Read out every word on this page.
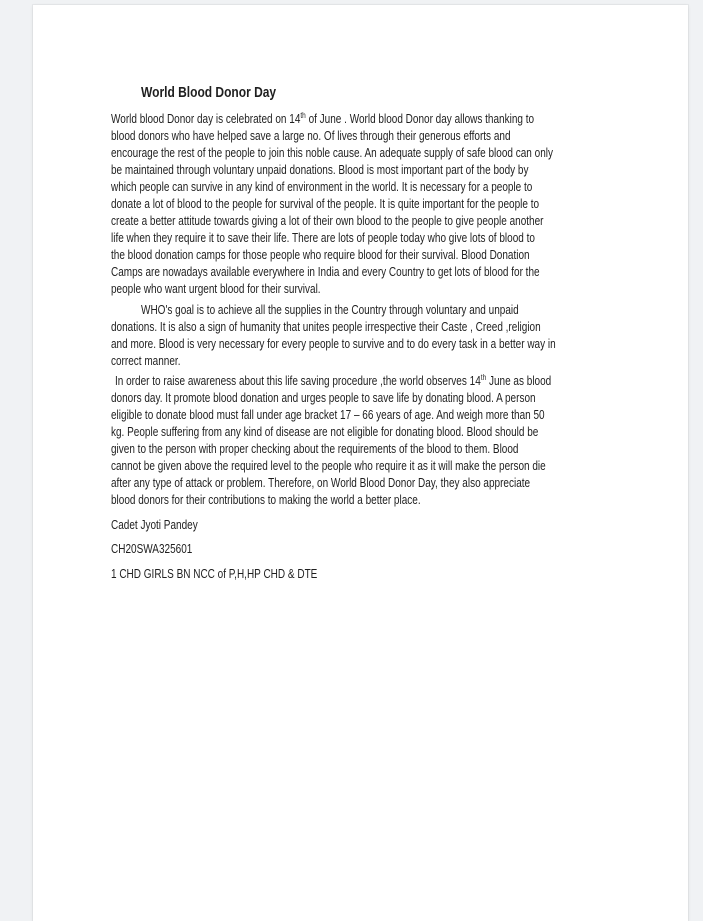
World Blood Donor Day
World blood Donor day is celebrated on 14th of June . World blood Donor day allows thanking to
blood donors who have helped save a large no. Of lives through their generous efforts and
encourage the rest of the people to join this noble cause. An adequate supply of safe blood can only
be maintained through voluntary unpaid donations. Blood is most important part of the body by
which people can survive in any kind of environment in the world. It is necessary for a people to
donate a lot of blood to the people for survival of the people. It is quite important for the people to
create a better attitude towards giving a lot of their own blood to the people to give people another
life when they require it to save their life. There are lots of people today who give lots of blood to
the blood donation camps for those people who require blood for their survival. Blood Donation
Camps are nowadays available everywhere in India and every Country to get lots of blood for the
people who want urgent blood for their survival.
WHO's goal is to achieve all the supplies in the Country through voluntary and unpaid
donations. It is also a sign of humanity that unites people irrespective their Caste , Creed ,religion
and more. Blood is very necessary for every people to survive and to do every task in a better way in
correct manner.
In order to raise awareness about this life saving procedure ,the world observes 14th June as blood
donors day. It promote blood donation and urges people to save life by donating blood. A person
eligible to donate blood must fall under age bracket 17 – 66 years of age. And weigh more than 50
kg. People suffering from any kind of disease are not eligible for donating blood. Blood should be
given to the person with proper checking about the requirements of the blood to them. Blood
cannot be given above the required level to the people who require it as it will make the person die
after any type of attack or problem. Therefore, on World Blood Donor Day, they also appreciate
blood donors for their contributions to making the world a better place.
Cadet Jyoti Pandey
CH20SWA325601
1 CHD GIRLS BN NCC of P,H,HP CHD & DTE
